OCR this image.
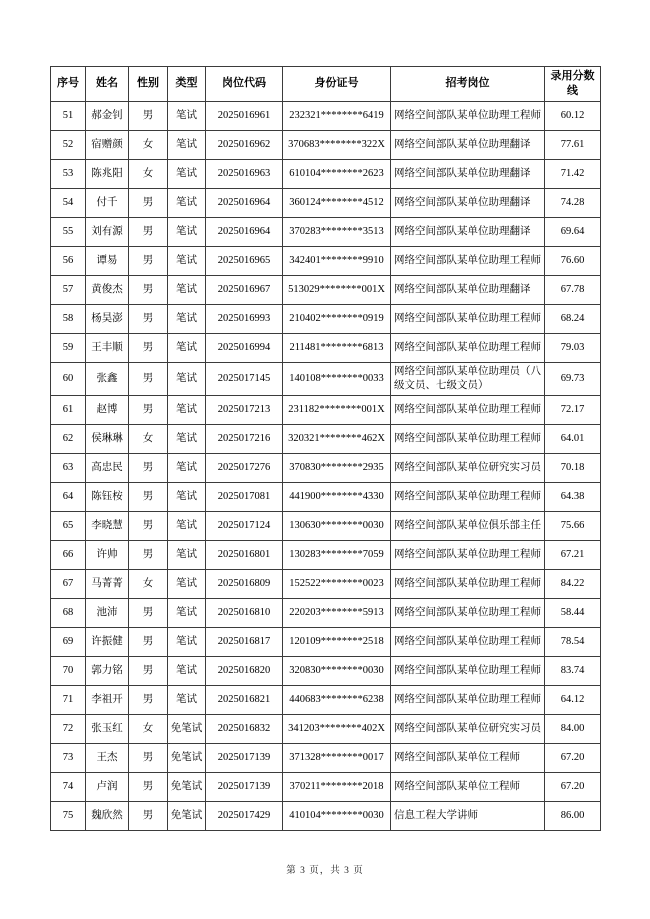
序号	姓名	性别	类型	岗位代码	身份证号	招考岗位	录用分数线
51	郝金钊	男	笔试	2025016961	232321********6419	网络空间部队某单位助理工程师	60.12
52	宿赠颜	女	笔试	2025016962	370683********322X	网络空间部队某单位助理翻译	77.61
53	陈兆阳	女	笔试	2025016963	610104********2623	网络空间部队某单位助理翻译	71.42
54	付千	男	笔试	2025016964	360124********4512	网络空间部队某单位助理翻译	74.28
55	刘有源	男	笔试	2025016964	370283********3513	网络空间部队某单位助理翻译	69.64
56	谭易	男	笔试	2025016965	342401********9910	网络空间部队某单位助理工程师	76.60
57	黄俊杰	男	笔试	2025016967	513029********001X	网络空间部队某单位助理翻译	67.78
58	杨昊澎	男	笔试	2025016993	210402********0919	网络空间部队某单位助理工程师	68.24
59	王丰顺	男	笔试	2025016994	211481********6813	网络空间部队某单位助理工程师	79.03
60	张鑫	男	笔试	2025017145	140108********0033	网络空间部队某单位助理员（八级文员、七级文员）	69.73
61	赵博	男	笔试	2025017213	231182********001X	网络空间部队某单位助理工程师	72.17
62	侯琳琳	女	笔试	2025017216	320321********462X	网络空间部队某单位助理工程师	64.01
63	高忠民	男	笔试	2025017276	370830********2935	网络空间部队某单位研究实习员	70.18
64	陈钰桉	男	笔试	2025017081	441900********4330	网络空间部队某单位助理工程师	64.38
65	李晓慧	男	笔试	2025017124	130630********0030	网络空间部队某单位俱乐部主任	75.66
66	许帅	男	笔试	2025016801	130283********7059	网络空间部队某单位助理工程师	67.21
67	马菁菁	女	笔试	2025016809	152522********0023	网络空间部队某单位助理工程师	84.22
68	池沛	男	笔试	2025016810	220203********5913	网络空间部队某单位助理工程师	58.44
69	许振健	男	笔试	2025016817	120109********2518	网络空间部队某单位助理工程师	78.54
70	郭力铭	男	笔试	2025016820	320830********0030	网络空间部队某单位助理工程师	83.74
71	李祖开	男	笔试	2025016821	440683********6238	网络空间部队某单位助理工程师	64.12
72	张玉红	女	免笔试	2025016832	341203********402X	网络空间部队某单位研究实习员	84.00
73	王杰	男	免笔试	2025017139	371328********0017	网络空间部队某单位工程师	67.20
74	卢润	男	免笔试	2025017139	370211********2018	网络空间部队某单位工程师	67.20
75	魏欣然	男	免笔试	2025017429	410104********0030	信息工程大学讲师	86.00
第 3 页，共 3 页
